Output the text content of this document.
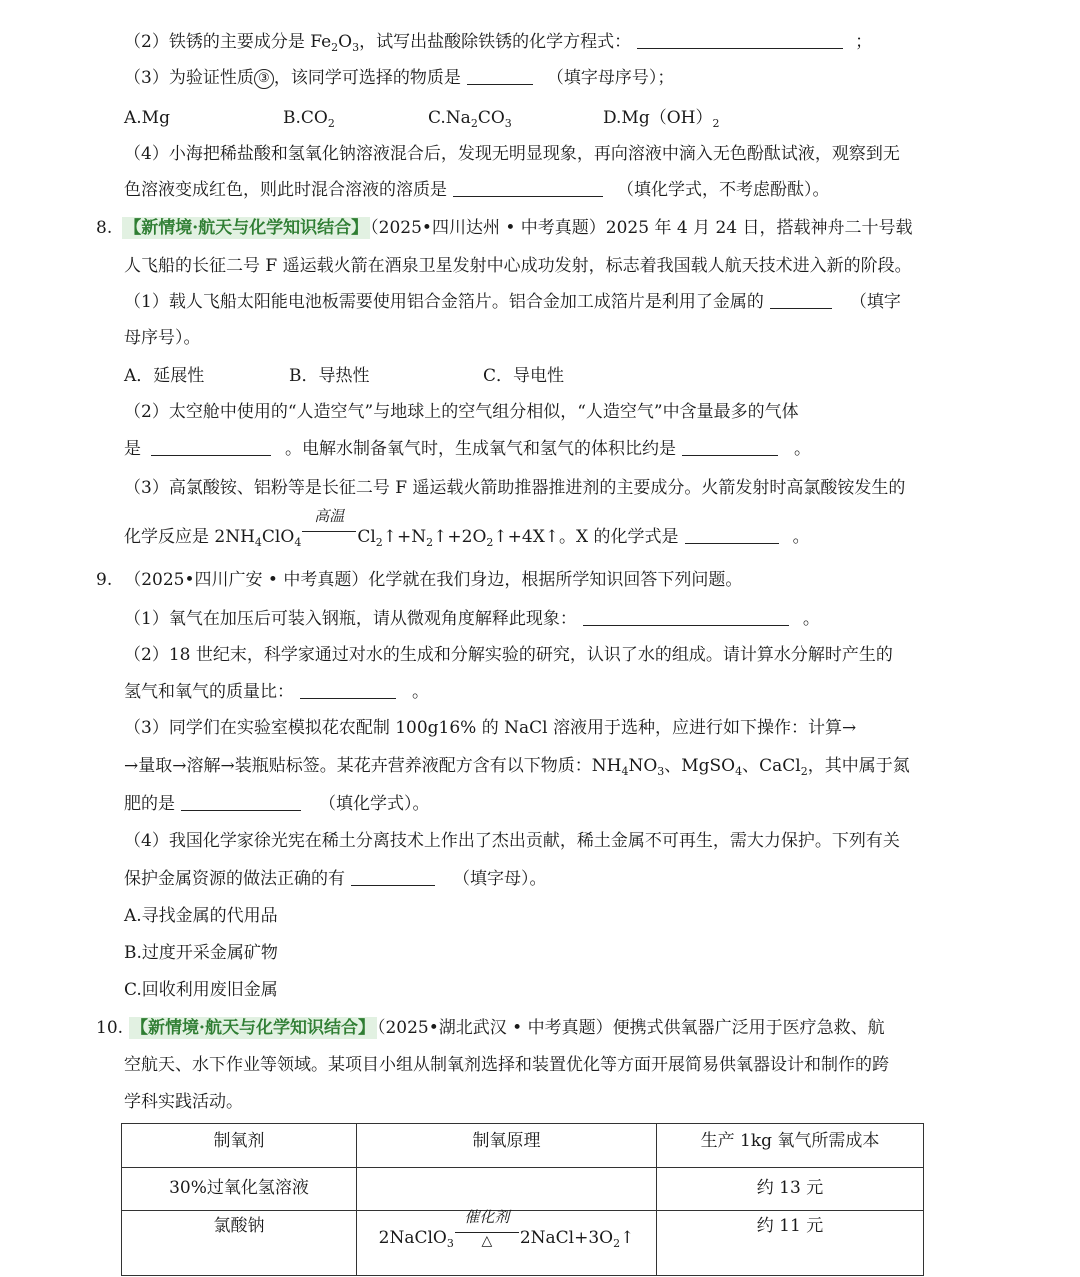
（2）铁锈的主要成分是 $Fe_2O_3$，试写出盐酸除铁锈的化学方程式：	；
（3）为验证性质 ③ ，该同学可选择的物质是	（填字母序号）；
A.Mg	$B.CO_2$	$C.Na_2CO_3$	$D.Mg(OH)_2$
（4）小海把稀盐酸和氢氧化钠溶液混合后，发现无明显现象，再向溶液中滴入无色酚酞试液，观察到无
色溶液变成红色，则此时混合溶液的溶质是	（填化学式，不考虑酚酞）。
8. 【新情境·航天与化学知识结合】 （2025•四川达州 • 中考真题）2025 年 4 月 24 日，搭载神舟二十号载
人飞船的长征二号 F 遥运载火箭在酒泉卫星发射中心成功发射，标志着我国载人航天技术进入新的阶段。
（1）载人飞船太阳能电池板需要使用铝合金箔片。铝合金加工成箔片是利用了金属的	（填字
母序号）。
A．延展性	B．导热性	C．导电性
（2）太空舱中使用的“人造空气”与地球上的空气组分相似，“人造空气”中含量最多的气体
是	。电解水制备氧气时，生成氧气和氢气的体积比约是	。
（3）高氯酸铵、铝粉等是长征二号 F 遥运载火箭助推器推进剂的主要成分。火箭发射时高氯酸铵发生的
化学反应是 $2NH_4ClO_4$
高温
$Cl_2↑+N_2↑+2O_2↑+4X↑$。X 的化学式是	。
9. （2025•四川广安 • 中考真题）化学就在我们身边，根据所学知识回答下列问题。
（1）氧气在加压后可装入钢瓶，请从微观角度解释此现象：	。
（2）18 世纪末，科学家通过对水的生成和分解实验的研究，认识了水的组成。请计算水分解时产生的
氢气和氧气的质量比：	。
（3）同学们在实验室模拟花农配制 100g16% 的 NaCl 溶液用于选种，应进行如下操作：计算→
→量取→溶解→装瓶贴标签。某花卉营养液配方含有以下物质：$NH_4NO_3$、MgSO$_4$、CaCl$_2$，其中属于氮
肥的是	（填化学式）。
（4）我国化学家徐光宪在稀土分离技术上作出了杰出贡献，稀土金属不可再生，需大力保护。下列有关
保护金属资源的做法正确的有	（填字母）。
A.寻找金属的代用品
B.过度开采金属矿物
C.回收利用废旧金属
10. 【新情境·航天与化学知识结合】 （2025•湖北武汉 • 中考真题）便携式供氧器广泛用于医疗急救、航
空航天、水下作业等领域。某项目小组从制氧剂选择和装置优化等方面开展简易供氧器设计和制作的跨
学科实践活动。
制氧剂	制氧原理	生产 1kg 氧气所需成本
30%过氧化氢溶液		约 13 元
氯酸钠	2NaClO$_3$
催化剂
△ $2NaCl+3O_2↑$	约 11 元
